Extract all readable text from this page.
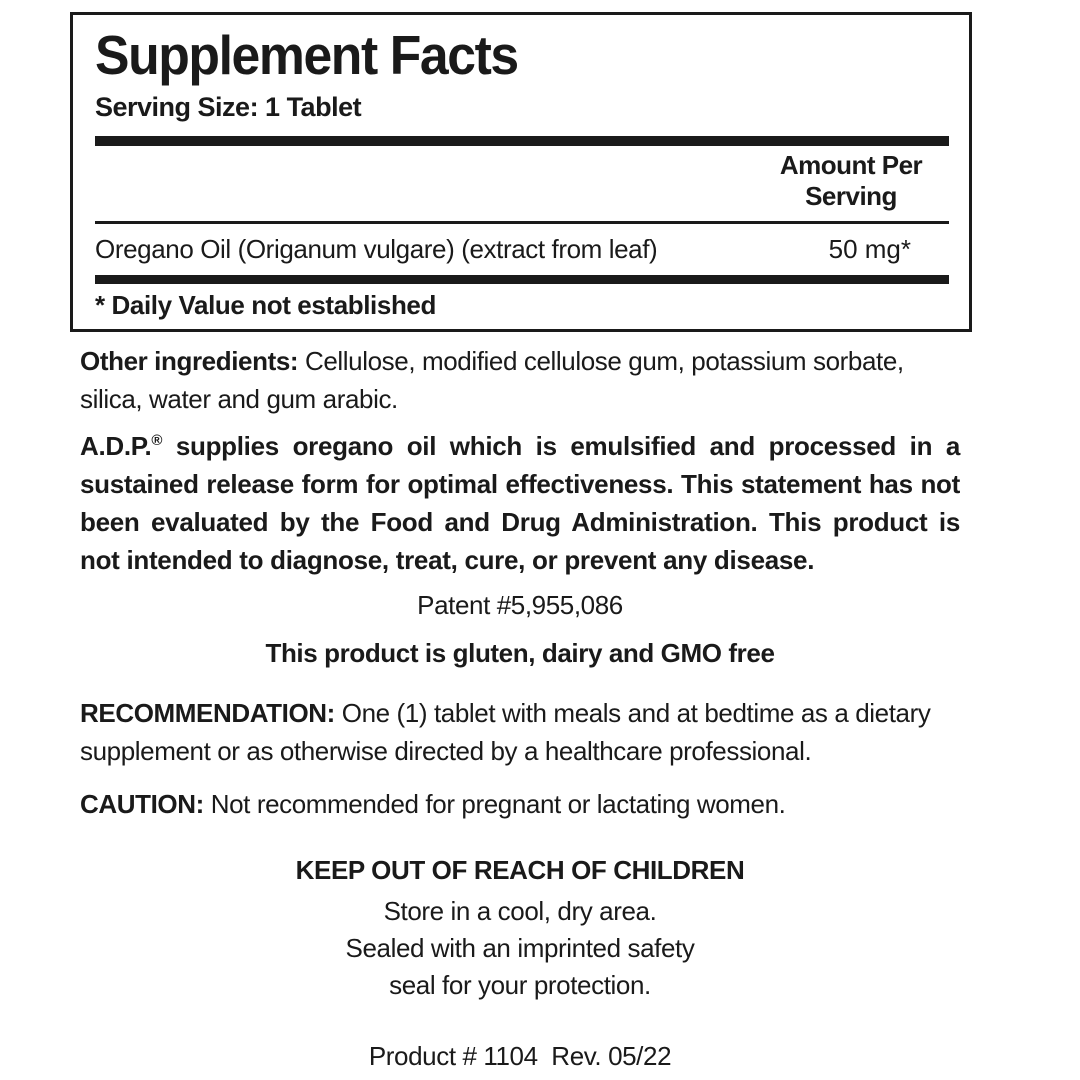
Supplement Facts
Serving Size: 1 Tablet
Amount Per
Serving
Oregano Oil (Origanum vulgare) (extract from leaf)	50 mg*
* Daily Value not established
Other ingredients: Cellulose, modified cellulose gum, potassium sorbate, silica, water and gum arabic.
A.D.P.® supplies oregano oil which is emulsified and processed in a sustained release form for optimal effectiveness. This statement has not been evaluated by the Food and Drug Administration. This product is not intended to diagnose, treat, cure, or prevent any disease.
Patent #5,955,086
This product is gluten, dairy and GMO free
RECOMMENDATION: One (1) tablet with meals and at bedtime as a dietary supplement or as otherwise directed by a healthcare professional.
CAUTION: Not recommended for pregnant or lactating women.
KEEP OUT OF REACH OF CHILDREN
Store in a cool, dry area.
Sealed with an imprinted safety
seal for your protection.
Product # 1104  Rev. 05/22
